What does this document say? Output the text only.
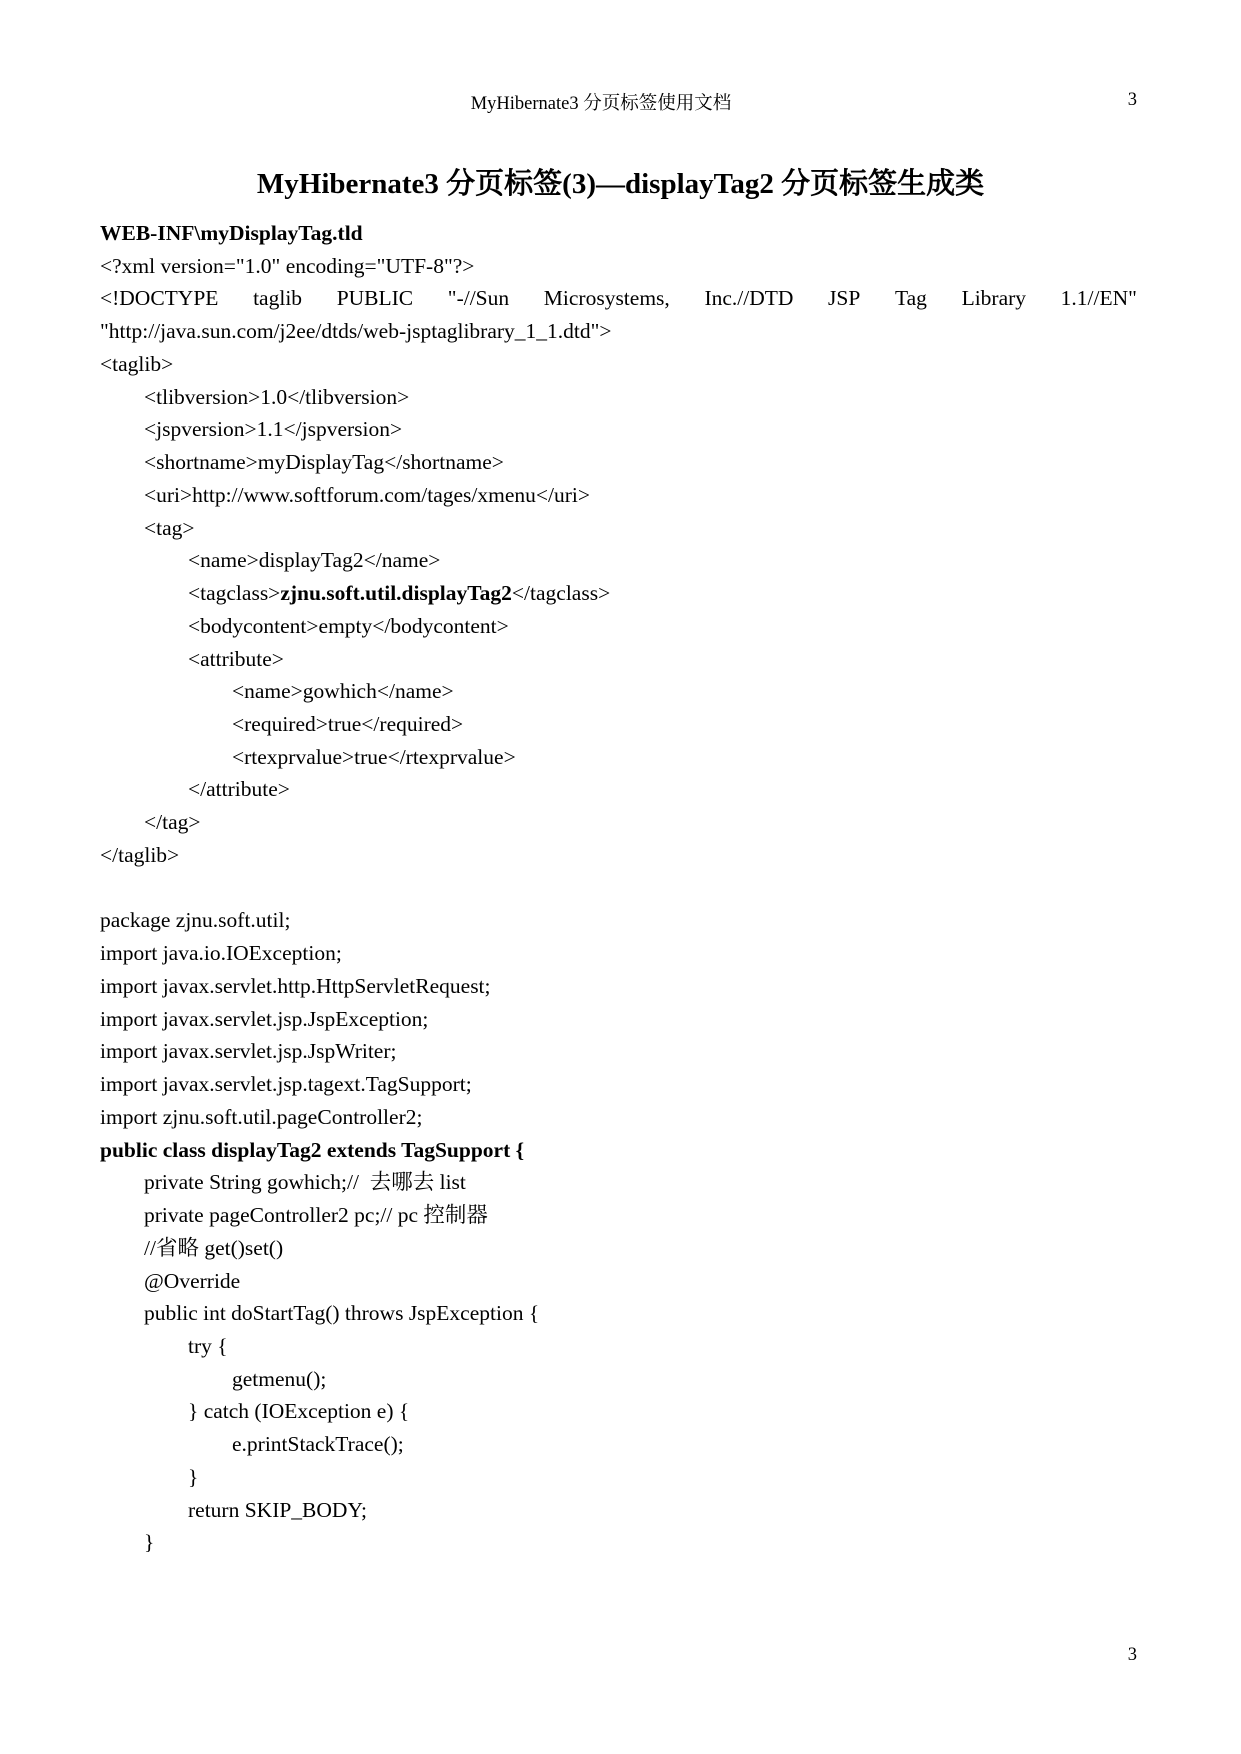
MyHibernate3 分页标签使用文档	3
MyHibernate3 分页标签(3)—displayTag2 分页标签生成类
WEB-INF\myDisplayTag.tld
<?xml version="1.0" encoding="UTF-8"?>
<!DOCTYPE taglib PUBLIC "-//Sun Microsystems, Inc.//DTD JSP Tag Library 1.1//EN"
"http://java.sun.com/j2ee/dtds/web-jsptaglibrary_1_1.dtd">
<taglib>
<tlibversion>1.0</tlibversion>
<jspversion>1.1</jspversion>
<shortname>myDisplayTag</shortname>
<uri>http://www.softforum.com/tages/xmenu</uri>
<tag>
<name>displayTag2</name>
<tagclass>zjnu.soft.util.displayTag2</tagclass>
<bodycontent>empty</bodycontent>
<attribute>
<name>gowhich</name>
<required>true</required>
<rtexprvalue>true</rtexprvalue>
</attribute>
</tag>
</taglib>
package zjnu.soft.util;
import java.io.IOException;
import javax.servlet.http.HttpServletRequest;
import javax.servlet.jsp.JspException;
import javax.servlet.jsp.JspWriter;
import javax.servlet.jsp.tagext.TagSupport;
import zjnu.soft.util.pageController2;
public class displayTag2 extends TagSupport {
private String gowhich;//  去哪去 list
private pageController2 pc;// pc 控制器
//省略 get()set()
@Override
public int doStartTag() throws JspException {
try {
getmenu();
} catch (IOException e) {
e.printStackTrace();
}
return SKIP_BODY;
}
3
